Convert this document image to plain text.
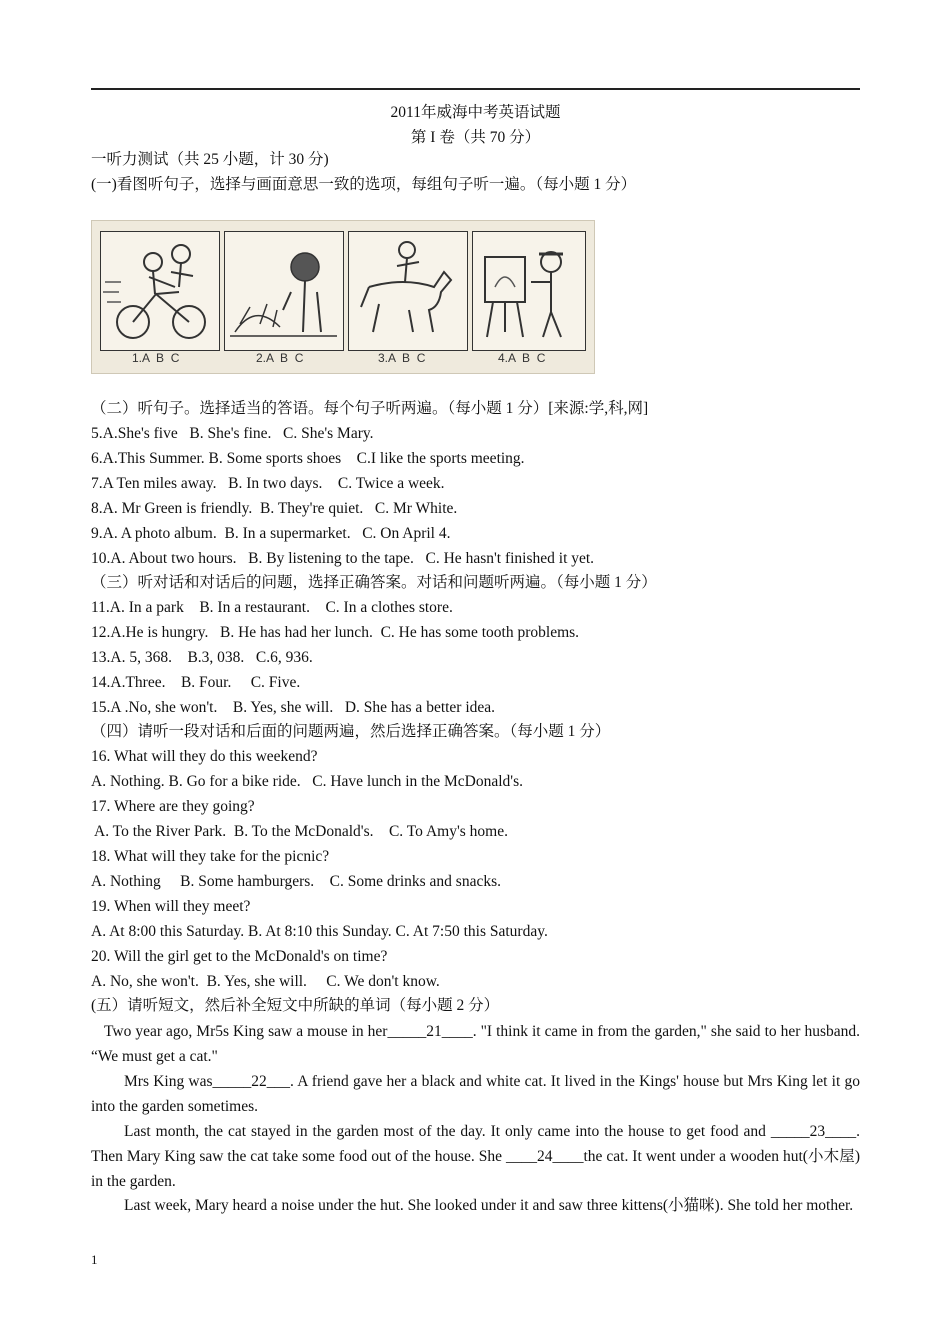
2011年威海中考英语试题
第 I 卷（共 70 分）
一听力测试（共 25 小题，计 30 分)
(一)看图听句子，选择与画面意思一致的选项，每组句子听一遍。（每小题 1 分）
1.A  B  C	2.A  B  C	3.A  B  C	4.A  B  C
（二）听句子。选择适当的答语。每个句子听两遍。（每小题 1 分）[来源:学,科,网]
5.A.She's five   B. She's fine.   C. She's Mary.
6.A.This Summer. B. Some sports shoes    C.I like the sports meeting.
7.A Ten miles away.   B. In two days.    C. Twice a week.
8.A. Mr Green is friendly.  B. They're quiet.   C. Mr White.
9.A. A photo album.  B. In a supermarket.   C. On April 4.
10.A. About two hours.   B. By listening to the tape.   C. He hasn't finished it yet.
（三）听对话和对话后的问题，选择正确答案。对话和问题听两遍。（每小题 1 分）
11.A. In a park    B. In a restaurant.    C. In a clothes store.
12.A.He is hungry.   B. He has had her lunch.  C. He has some tooth problems.
13.A. 5, 368.    B.3, 038.   C.6, 936.
14.A.Three.    B. Four.     C. Five.
15.A .No, she won't.    B. Yes, she will.   D. She has a better idea.
（四）请听一段对话和后面的问题两遍，然后选择正确答案。（每小题 1 分）
16. What will they do this weekend?
A. Nothing. B. Go for a bike ride.   C. Have lunch in the McDonald's.
17. Where are they going?
A. To the River Park.  B. To the McDonald's.    C. To Amy's home.
18. What will they take for the picnic?
A. Nothing     B. Some hamburgers.    C. Some drinks and snacks.
19. When will they meet?
A. At 8:00 this Saturday. B. At 8:10 this Sunday. C. At 7:50 this Saturday.
20. Will the girl get to the McDonald's on time?
A. No, she won't.  B. Yes, she will.     C. We don't know.
(五）请听短文，然后补全短文中所缺的单词（每小题 2 分）
Two year ago, Mr5s King saw a mouse in her_____21____. "I think it came in from the garden," she said to her husband. “We must get a cat."
Mrs King was_____22___. A friend gave her a black and white cat. It lived in the Kings' house but Mrs King let it go into the garden sometimes.
Last month, the cat stayed in the garden most of the day. It only came into the house to get food and _____23____. Then Mary King saw the cat take some food out of the house. She ____24____the cat. It went under a wooden hut(小木屋) in the garden.
Last week, Mary heard a noise under the hut. She looked under it and saw three kittens(小猫咪). She told her mother.
1
